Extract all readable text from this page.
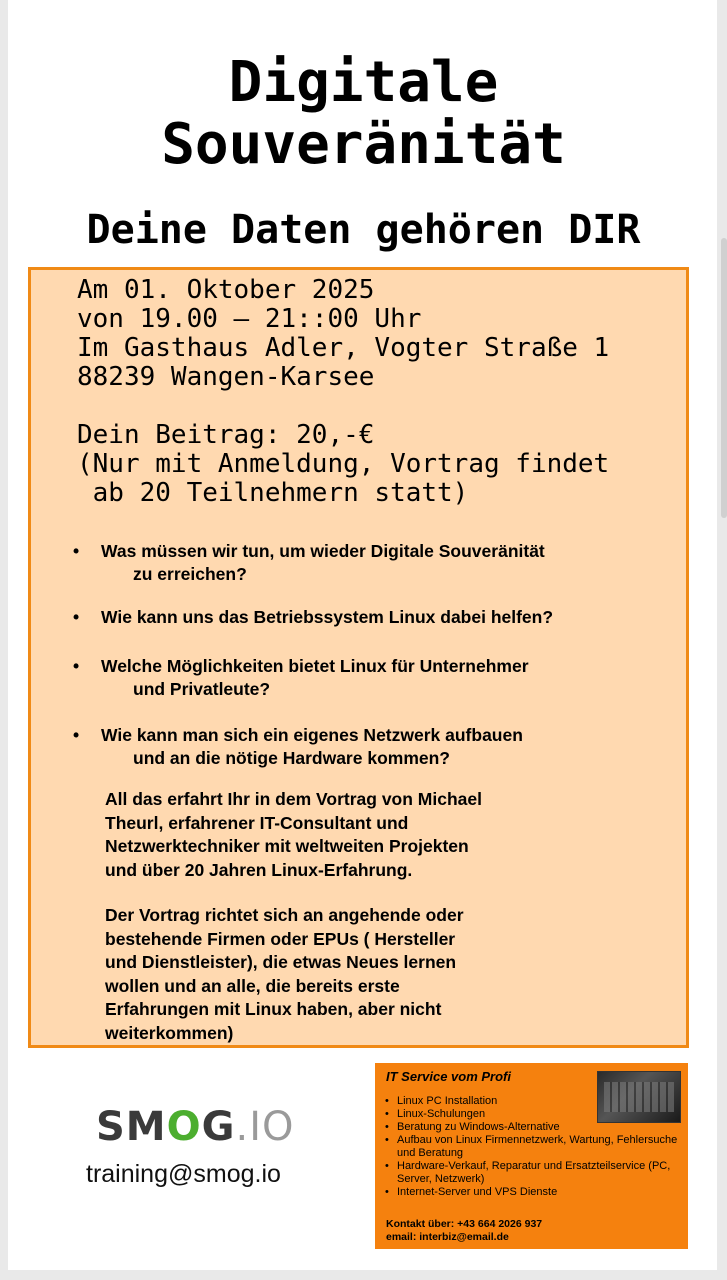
Digitale
Souveränität
Deine Daten gehören DIR
Am 01. Oktober 2025
von 19.00 – 21::00 Uhr
Im Gasthaus Adler, Vogter Straße 1
88239 Wangen-Karsee
Dein Beitrag: 20,-€
(Nur mit Anmeldung, Vortrag findet
ab 20 Teilnehmern statt)
• Was müssen wir tun, um wieder Digitale Souveränität
zu erreichen?
• Wie kann uns das Betriebssystem Linux dabei helfen?
• Welche Möglichkeiten bietet Linux für Unternehmer
und Privatleute?
• Wie kann man sich ein eigenes Netzwerk aufbauen
und an die nötige Hardware kommen?
All das erfahrt Ihr in dem Vortrag von Michael
Theurl, erfahrener IT-Consultant und
Netzwerktechniker mit weltweiten Projekten
und über 20 Jahren Linux-Erfahrung.
Der Vortrag richtet sich an angehende oder
bestehende Firmen oder EPUs ( Hersteller
und Dienstleister), die etwas Neues lernen
wollen und an alle, die bereits erste
Erfahrungen mit Linux haben, aber nicht
weiterkommen)
SMOG.IO
training@smog.io
IT Service vom Profi
• Linux PC Installation
• Linux-Schulungen
• Beratung zu Windows-Alternative
• Aufbau von Linux Firmennetzwerk, Wartung, Fehlersuche und Beratung
• Hardware-Verkauf, Reparatur und Ersatzteilservice (PC, Server, Netzwerk)
• Internet-Server und VPS Dienste
Kontakt über: +43 664 2026 937
email: interbiz@email.de
